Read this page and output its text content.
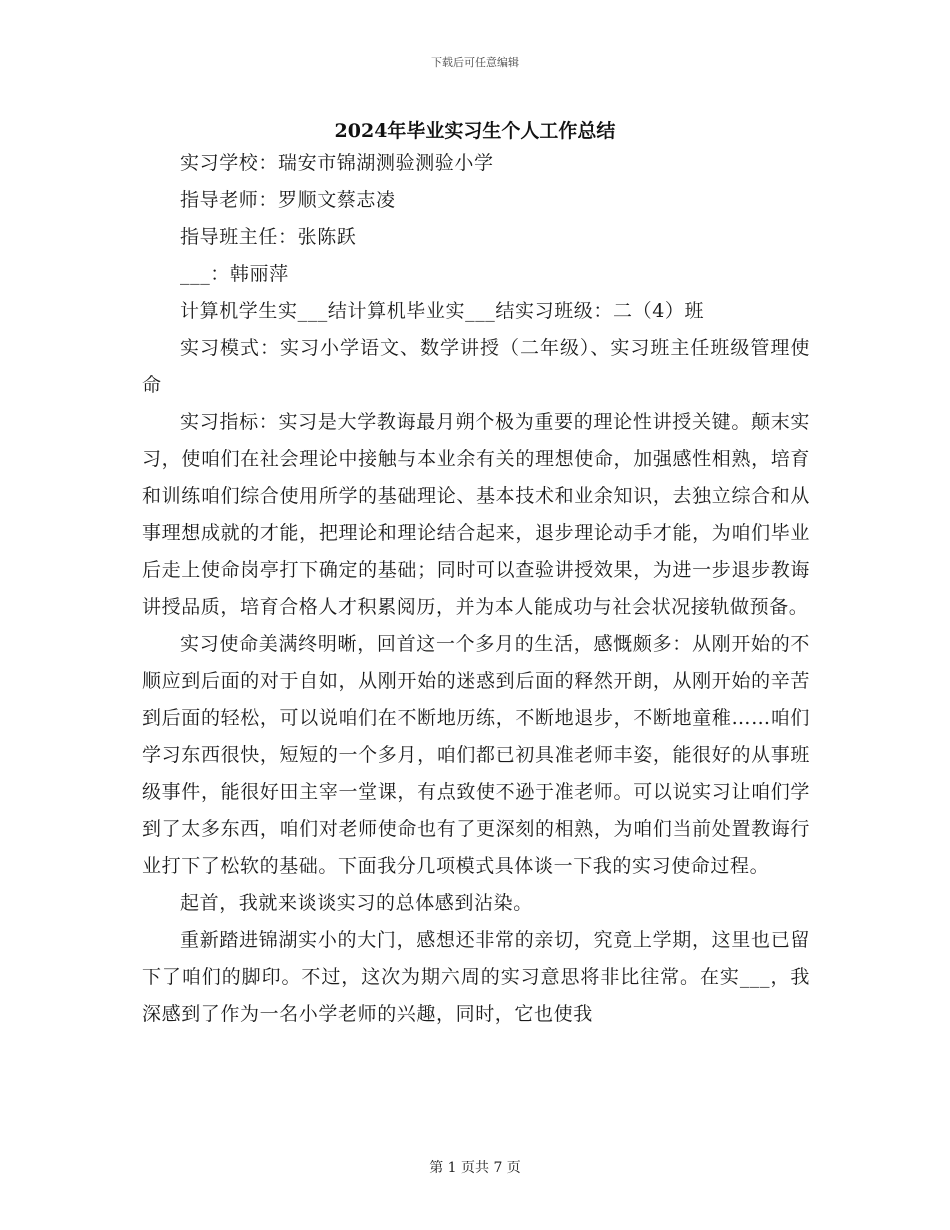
下载后可任意编辑
2024年毕业实习生个人工作总结

实习学校：瑞安市锦湖测验测验小学

指导老师：罗顺文蔡志凌

指导班主任：张陈跃

___：韩丽萍

计算机学生实___结计算机毕业实___结实习班级：二（4）班

实习模式：实习小学语文、数学讲授（二年级）、实习班主任班级管理使命

实习指标：实习是大学教诲最月朔个极为重要的理论性讲授关键。颠末实习，使咱们在社会理论中接触与本业余有关的理想使命，加强感性相熟，培育和训练咱们综合使用所学的基础理论、基本技术和业余知识，去独立综合和从事理想成就的才能，把理论和理论结合起来，退步理论动手才能，为咱们毕业后走上使命岗亭打下确定的基础；同时可以查验讲授效果，为进一步退步教诲讲授品质，培育合格人才积累阅历，并为本人能成功与社会状况接轨做预备。

实习使命美满终明晰，回首这一个多月的生活，感慨颇多：从刚开始的不顺应到后面的对于自如，从刚开始的迷惑到后面的释然开朗，从刚开始的辛苦到后面的轻松，可以说咱们在不断地历练，不断地退步，不断地童稚……咱们学习东西很快，短短的一个多月，咱们都已初具准老师丰姿，能很好的从事班级事件，能很好田主宰一堂课，有点致使不逊于准老师。可以说实习让咱们学到了太多东西，咱们对老师使命也有了更深刻的相熟，为咱们当前处置教诲行业打下了松软的基础。下面我分几项模式具体谈一下我的实习使命过程。

起首，我就来谈谈实习的总体感到沾染。

重新踏进锦湖实小的大门，感想还非常的亲切，究竟上学期，这里也已留下了咱们的脚印。不过，这次为期六周的实习意思将非比往常。在实___，我深感到了作为一名小学老师的兴趣，同时，它也使我

第 1 页共 7 页
